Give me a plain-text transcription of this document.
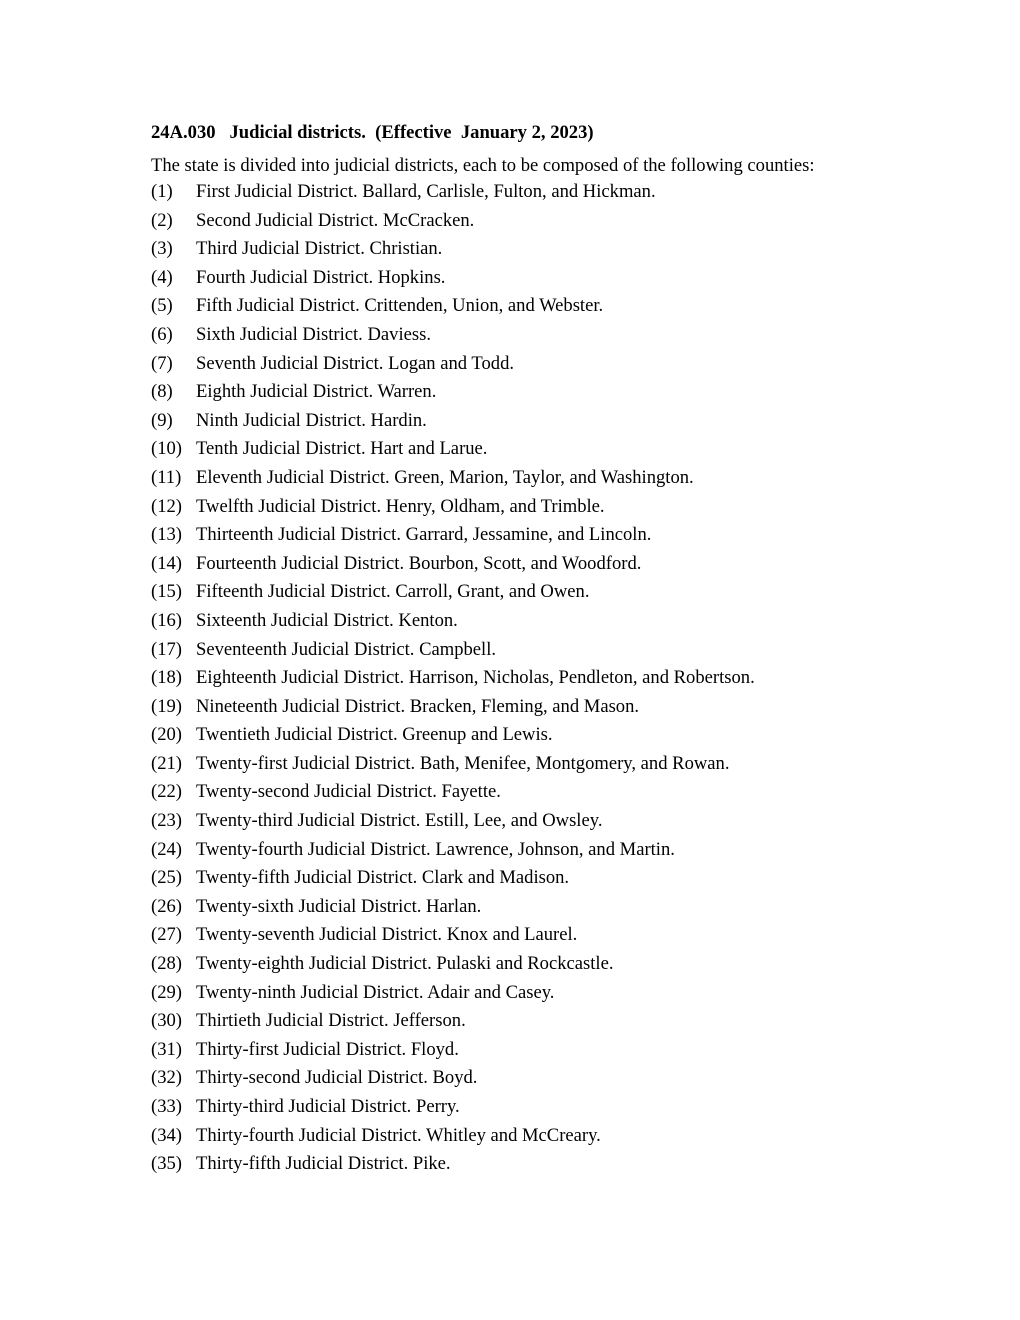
24A.030   Judicial districts.  (Effective  January 2, 2023)

The state is divided into judicial districts, each to be composed of the following counties:

(1)	First Judicial District. Ballard, Carlisle, Fulton, and Hickman.
(2)	Second Judicial District. McCracken.
(3)	Third Judicial District. Christian.
(4)	Fourth Judicial District. Hopkins.
(5)	Fifth Judicial District. Crittenden, Union, and Webster.
(6)	Sixth Judicial District. Daviess.
(7)	Seventh Judicial District. Logan and Todd.
(8)	Eighth Judicial District. Warren.
(9)	Ninth Judicial District. Hardin.
(10) Tenth Judicial District. Hart and Larue.
(11) Eleventh Judicial District. Green, Marion, Taylor, and Washington.
(12) Twelfth Judicial District. Henry, Oldham, and Trimble.
(13) Thirteenth Judicial District. Garrard, Jessamine, and Lincoln.
(14) Fourteenth Judicial District. Bourbon, Scott, and Woodford.
(15) Fifteenth Judicial District. Carroll, Grant, and Owen.
(16) Sixteenth Judicial District. Kenton.
(17) Seventeenth Judicial District. Campbell.
(18) Eighteenth Judicial District. Harrison, Nicholas, Pendleton, and Robertson.
(19) Nineteenth Judicial District. Bracken, Fleming, and Mason.
(20) Twentieth Judicial District. Greenup and Lewis.
(21) Twenty-first Judicial District. Bath, Menifee, Montgomery, and Rowan.
(22) Twenty-second Judicial District. Fayette.
(23) Twenty-third Judicial District. Estill, Lee, and Owsley.
(24) Twenty-fourth Judicial District. Lawrence, Johnson, and Martin.
(25) Twenty-fifth Judicial District. Clark and Madison.
(26) Twenty-sixth Judicial District. Harlan.
(27) Twenty-seventh Judicial District. Knox and Laurel.
(28) Twenty-eighth Judicial District. Pulaski and Rockcastle.
(29) Twenty-ninth Judicial District. Adair and Casey.
(30) Thirtieth Judicial District. Jefferson.
(31) Thirty-first Judicial District. Floyd.
(32) Thirty-second Judicial District. Boyd.
(33) Thirty-third Judicial District. Perry.
(34) Thirty-fourth Judicial District. Whitley and McCreary.
(35) Thirty-fifth Judicial District. Pike.
